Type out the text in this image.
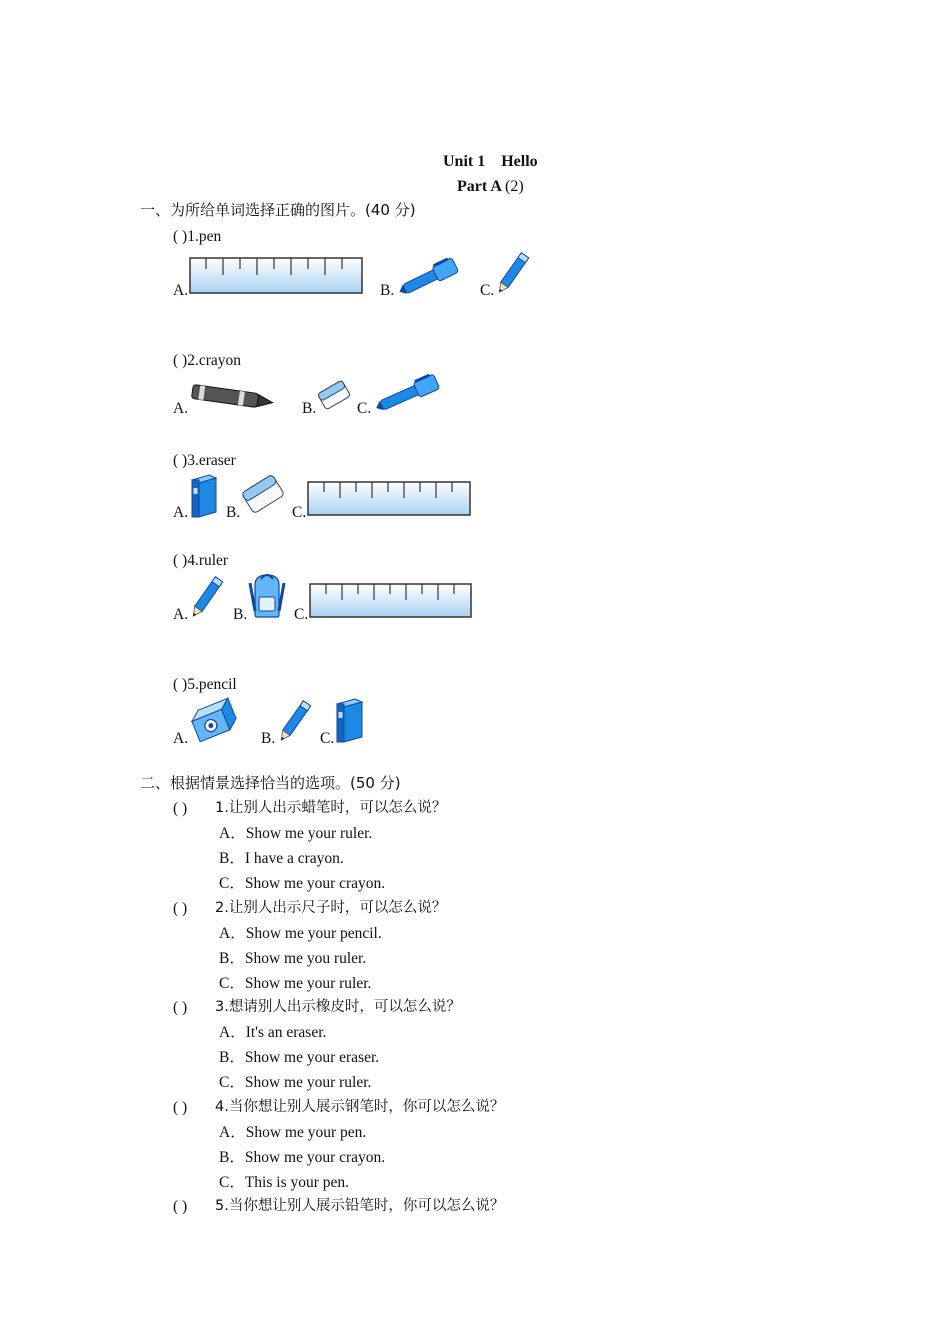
Unit 1 Hello
Part A (2)
一、为所给单词选择正确的图片。(40 分)
( )1.pen
A.	B.	C.
( )2.crayon
A.	B.	C.
( )3.eraser
A. B.	C.
( )4.ruler
A.	B.	C.
( )5.pencil
A.	B.	C.
二、根据情景选择恰当的选项。(50 分)
( ) 1.让别人出示蜡笔时，可以怎么说？
A．Show me your ruler.
B．I have a crayon.
C．Show me your crayon.
( ) 2.让别人出示尺子时，可以怎么说？
A．Show me your pencil.
B．Show me you ruler.
C．Show me your ruler.
( ) 3.想请别人出示橡皮时，可以怎么说？
A．It's an eraser.
B．Show me your eraser.
C．Show me your ruler.
( ) 4.当你想让别人展示钢笔时，你可以怎么说？
A．Show me your pen.
B．Show me your crayon.
C．This is your pen.
( ) 5.当你想让别人展示铅笔时，你可以怎么说？
